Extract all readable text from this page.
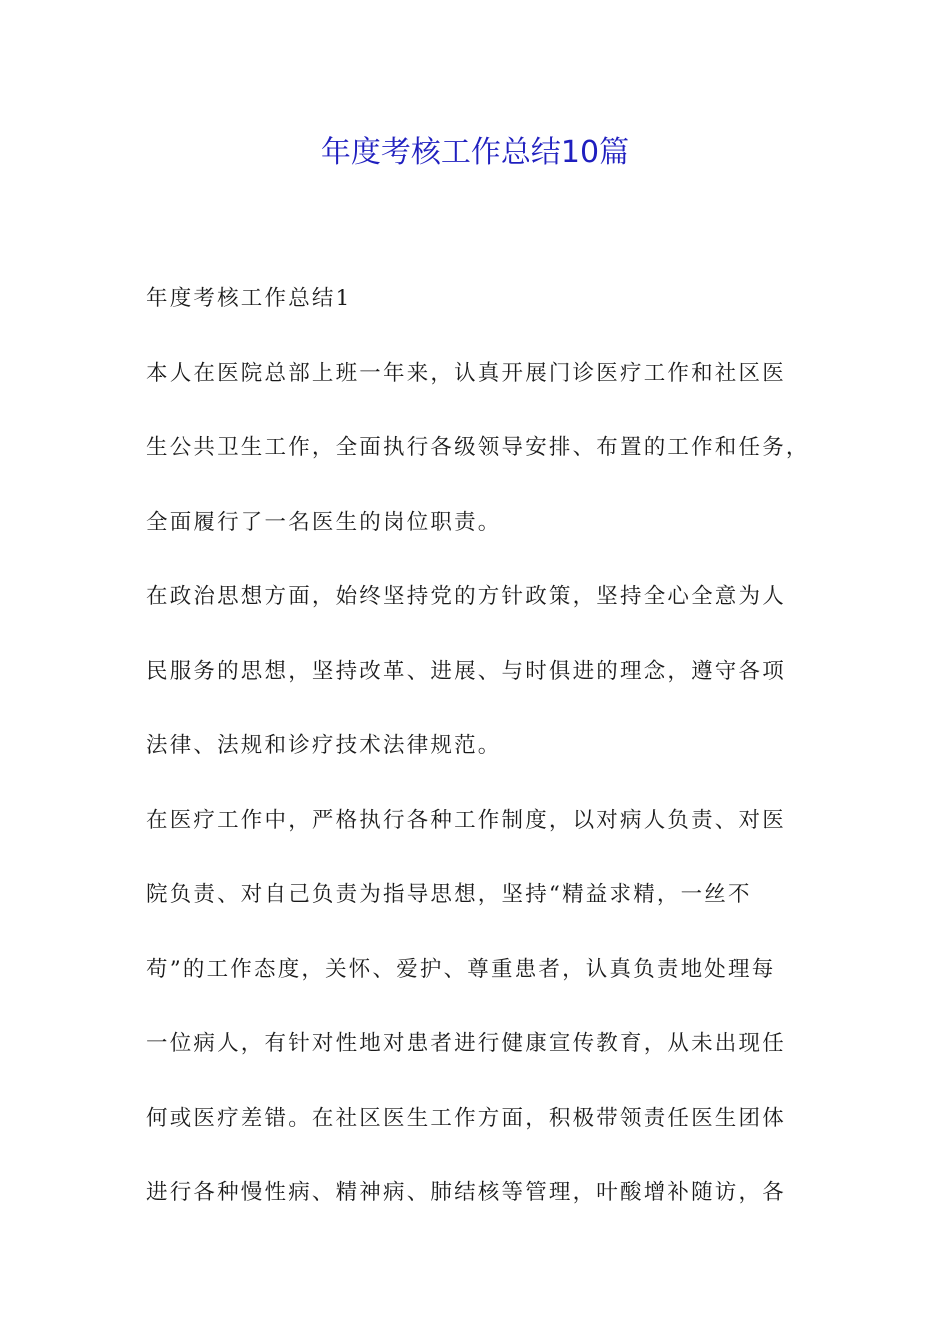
年度考核工作总结10篇
年度考核工作总结1
本人在医院总部上班一年来，认真开展门诊医疗工作和社区医
生公共卫生工作，全面执行各级领导安排、布置的工作和任务，
全面履行了一名医生的岗位职责。
在政治思想方面，始终坚持党的方针政策，坚持全心全意为人
民服务的思想，坚持改革、进展、与时俱进的理念，遵守各项
法律、法规和诊疗技术法律规范。
在医疗工作中，严格执行各种工作制度，以对病人负责、对医
院负责、对自己负责为指导思想，坚持“精益求精，一丝不
苟”的工作态度，关怀、爱护、尊重患者，认真负责地处理每
一位病人，有针对性地对患者进行健康宣传教育，从未出现任
何或医疗差错。在社区医生工作方面，积极带领责任医生团体
进行各种慢性病、精神病、肺结核等管理，叶酸增补随访，各
